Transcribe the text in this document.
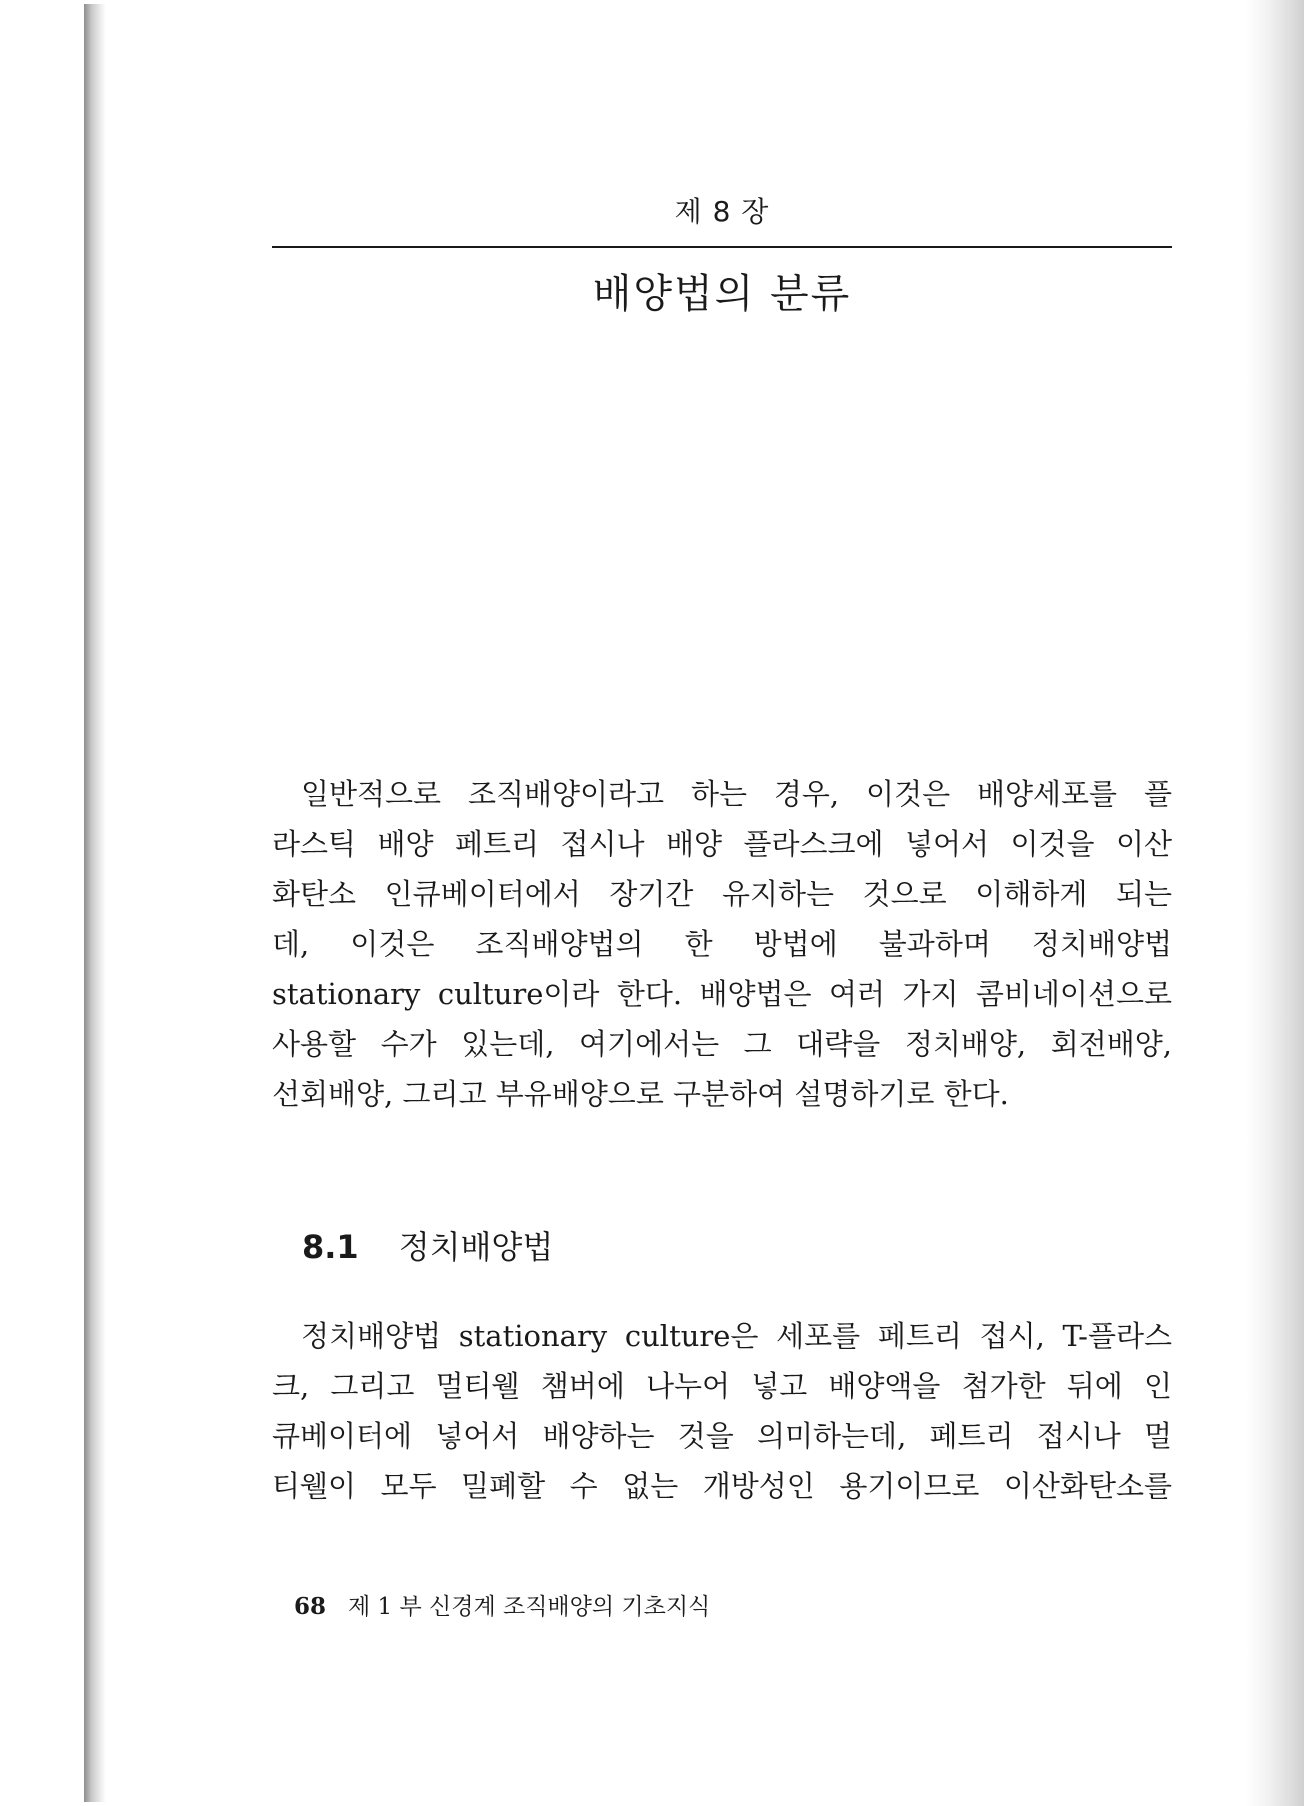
제 8 장
배양법의 분류

일반적으로 조직배양이라고 하는 경우, 이것은 배양세포를 플
라스틱 배양 페트리 접시나 배양 플라스크에 넣어서 이것을 이산
화탄소 인큐베이터에서 장기간 유지하는 것으로 이해하게 되는
데, 이것은 조직배양법의 한 방법에 불과하며 정치배양법
stationary culture이라 한다. 배양법은 여러 가지 콤비네이션으로
사용할 수가 있는데, 여기에서는 그 대략을 정치배양, 회전배양,
선회배양, 그리고 부유배양으로 구분하여 설명하기로 한다.

8.1 정치배양법

정치배양법 stationary culture은 세포를 페트리 접시, T-플라스
크, 그리고 멀티웰 챔버에 나누어 넣고 배양액을 첨가한 뒤에 인
큐베이터에 넣어서 배양하는 것을 의미하는데, 페트리 접시나 멀
티웰이 모두 밀폐할 수 없는 개방성인 용기이므로 이산화탄소를

68 제 1 부 신경계 조직배양의 기초지식
